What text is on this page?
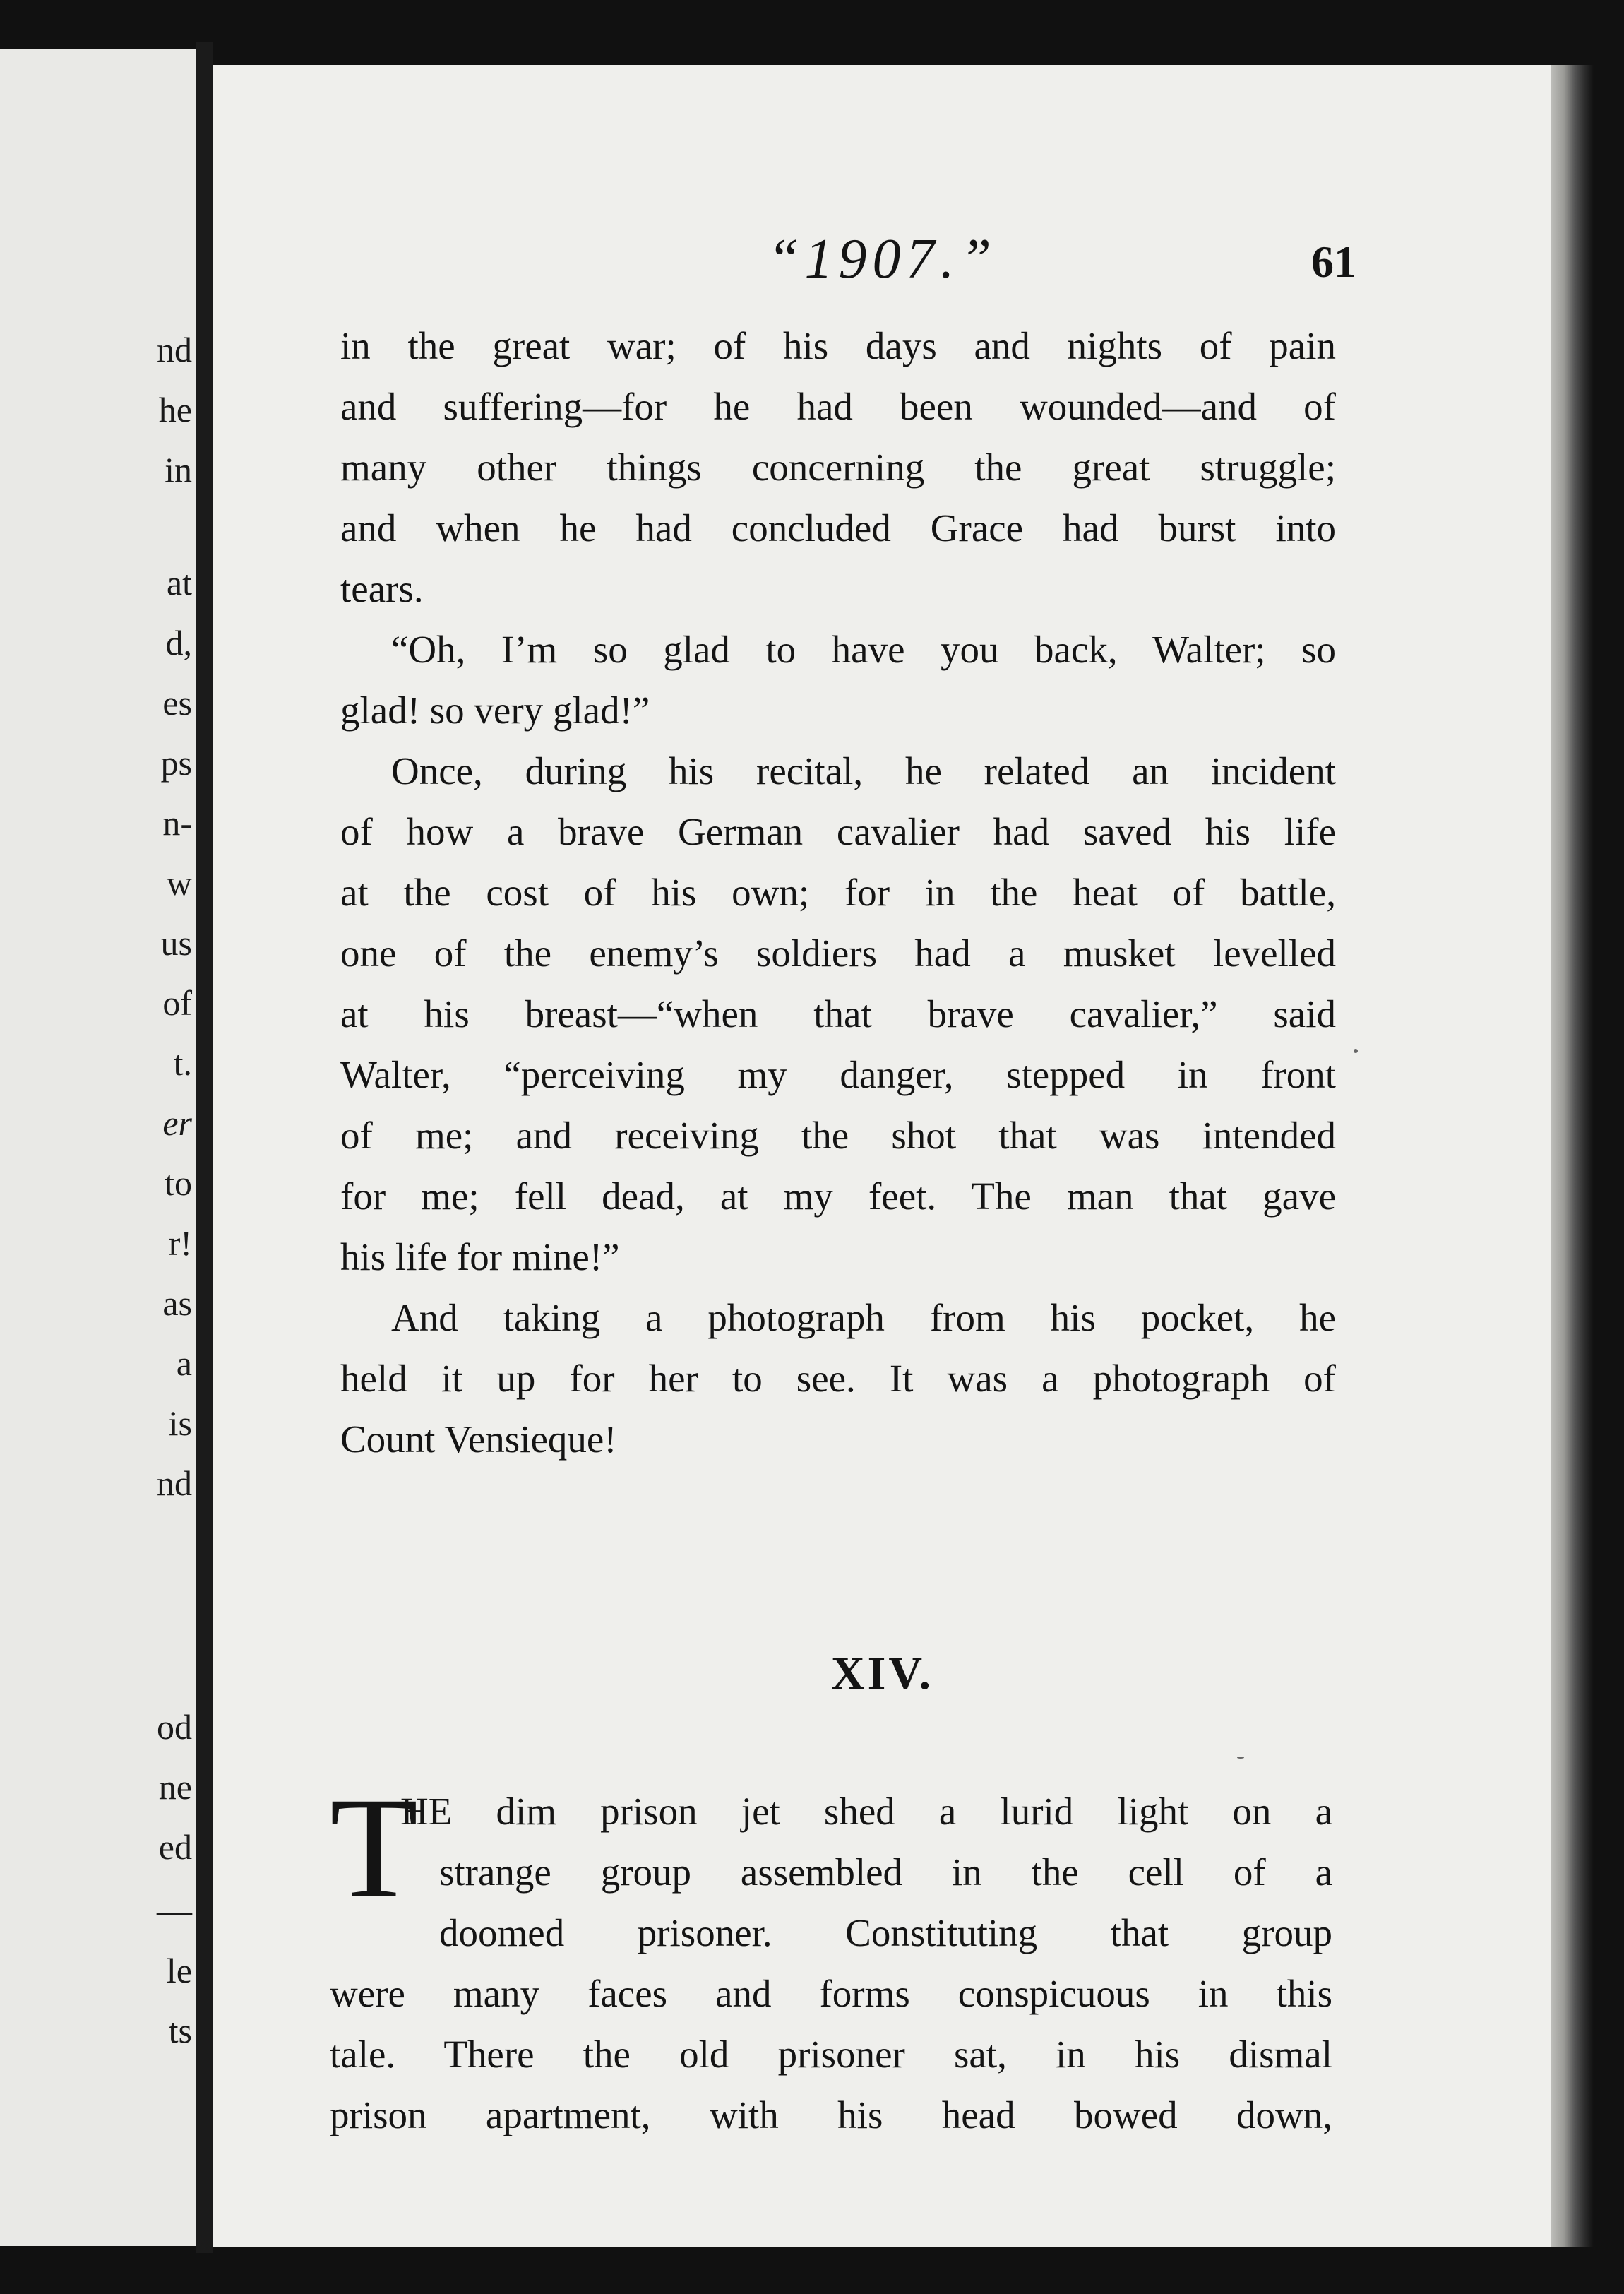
nd
he
in
at
d,
es
ps
n-
w
us
of
t.
er
to
r!
as
a
is
nd
od
ne
ed
—
le
ts
“1907.”	61
in the great war; of his days and nights of pain
and suffering—for he had been wounded—and of
many other things concerning the great struggle;
and when he had concluded Grace had burst into
tears.
“Oh, I’m so glad to have you back, Walter; so
glad! so very glad!”
Once, during his recital, he related an incident
of how a brave German cavalier had saved his life
at the cost of his own; for in the heat of battle,
one of the enemy’s soldiers had a musket levelled
at his breast—“when that brave cavalier,” said
Walter, “perceiving my danger, stepped in front
of me; and receiving the shot that was intended
for me; fell dead, at my feet. The man that gave
his life for mine!”
And taking a photograph from his pocket, he
held it up for her to see. It was a photograph of
Count Vensieque!
XIV.
T
HE dim prison jet shed a lurid light on a
strange group assembled in the cell of a
doomed prisoner. Constituting that group
were many faces and forms conspicuous in this
tale. There the old prisoner sat, in his dismal
prison apartment, with his head bowed down,
